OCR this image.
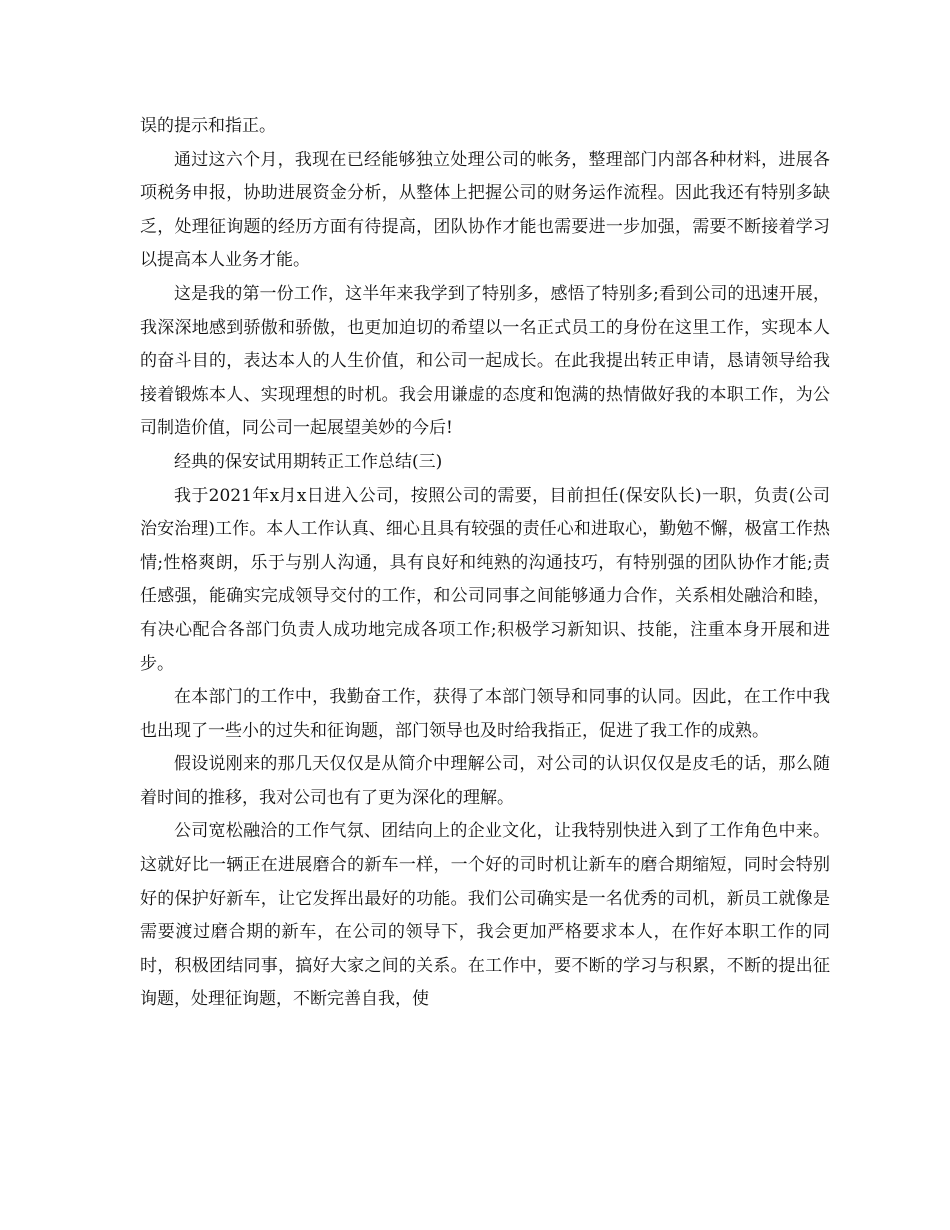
误的提示和指正。

通过这六个月，我现在已经能够独立处理公司的帐务，整理部门内部各种材料，进展各项税务申报，协助进展资金分析，从整体上把握公司的财务运作流程。因此我还有特别多缺乏，处理征询题的经历方面有待提高，团队协作才能也需要进一步加强，需要不断接着学习以提高本人业务才能。

这是我的第一份工作，这半年来我学到了特别多，感悟了特别多;看到公司的迅速开展，我深深地感到骄傲和骄傲，也更加迫切的希望以一名正式员工的身份在这里工作，实现本人的奋斗目的，表达本人的人生价值，和公司一起成长。在此我提出转正申请，恳请领导给我接着锻炼本人、实现理想的时机。我会用谦虚的态度和饱满的热情做好我的本职工作，为公司制造价值，同公司一起展望美妙的今后!

经典的保安试用期转正工作总结(三)

我于2021年x月x日进入公司，按照公司的需要，目前担任(保安队长)一职，负责(公司治安治理)工作。本人工作认真、细心且具有较强的责任心和进取心，勤勉不懈，极富工作热情;性格爽朗，乐于与别人沟通，具有良好和纯熟的沟通技巧，有特别强的团队协作才能;责任感强，能确实完成领导交付的工作，和公司同事之间能够通力合作，关系相处融洽和睦，有决心配合各部门负责人成功地完成各项工作;积极学习新知识、技能，注重本身开展和进步。

在本部门的工作中，我勤奋工作，获得了本部门领导和同事的认同。因此，在工作中我也出现了一些小的过失和征询题，部门领导也及时给我指正，促进了我工作的成熟。

假设说刚来的那几天仅仅是从简介中理解公司，对公司的认识仅仅是皮毛的话，那么随着时间的推移，我对公司也有了更为深化的理解。

公司宽松融洽的工作气氛、团结向上的企业文化，让我特别快进入到了工作角色中来。这就好比一辆正在进展磨合的新车一样，一个好的司时机让新车的磨合期缩短，同时会特别好的保护好新车，让它发挥出最好的功能。我们公司确实是一名优秀的司机，新员工就像是需要渡过磨合期的新车，在公司的领导下，我会更加严格要求本人，在作好本职工作的同时，积极团结同事，搞好大家之间的关系。在工作中，要不断的学习与积累，不断的提出征询题，处理征询题，不断完善自我，使
